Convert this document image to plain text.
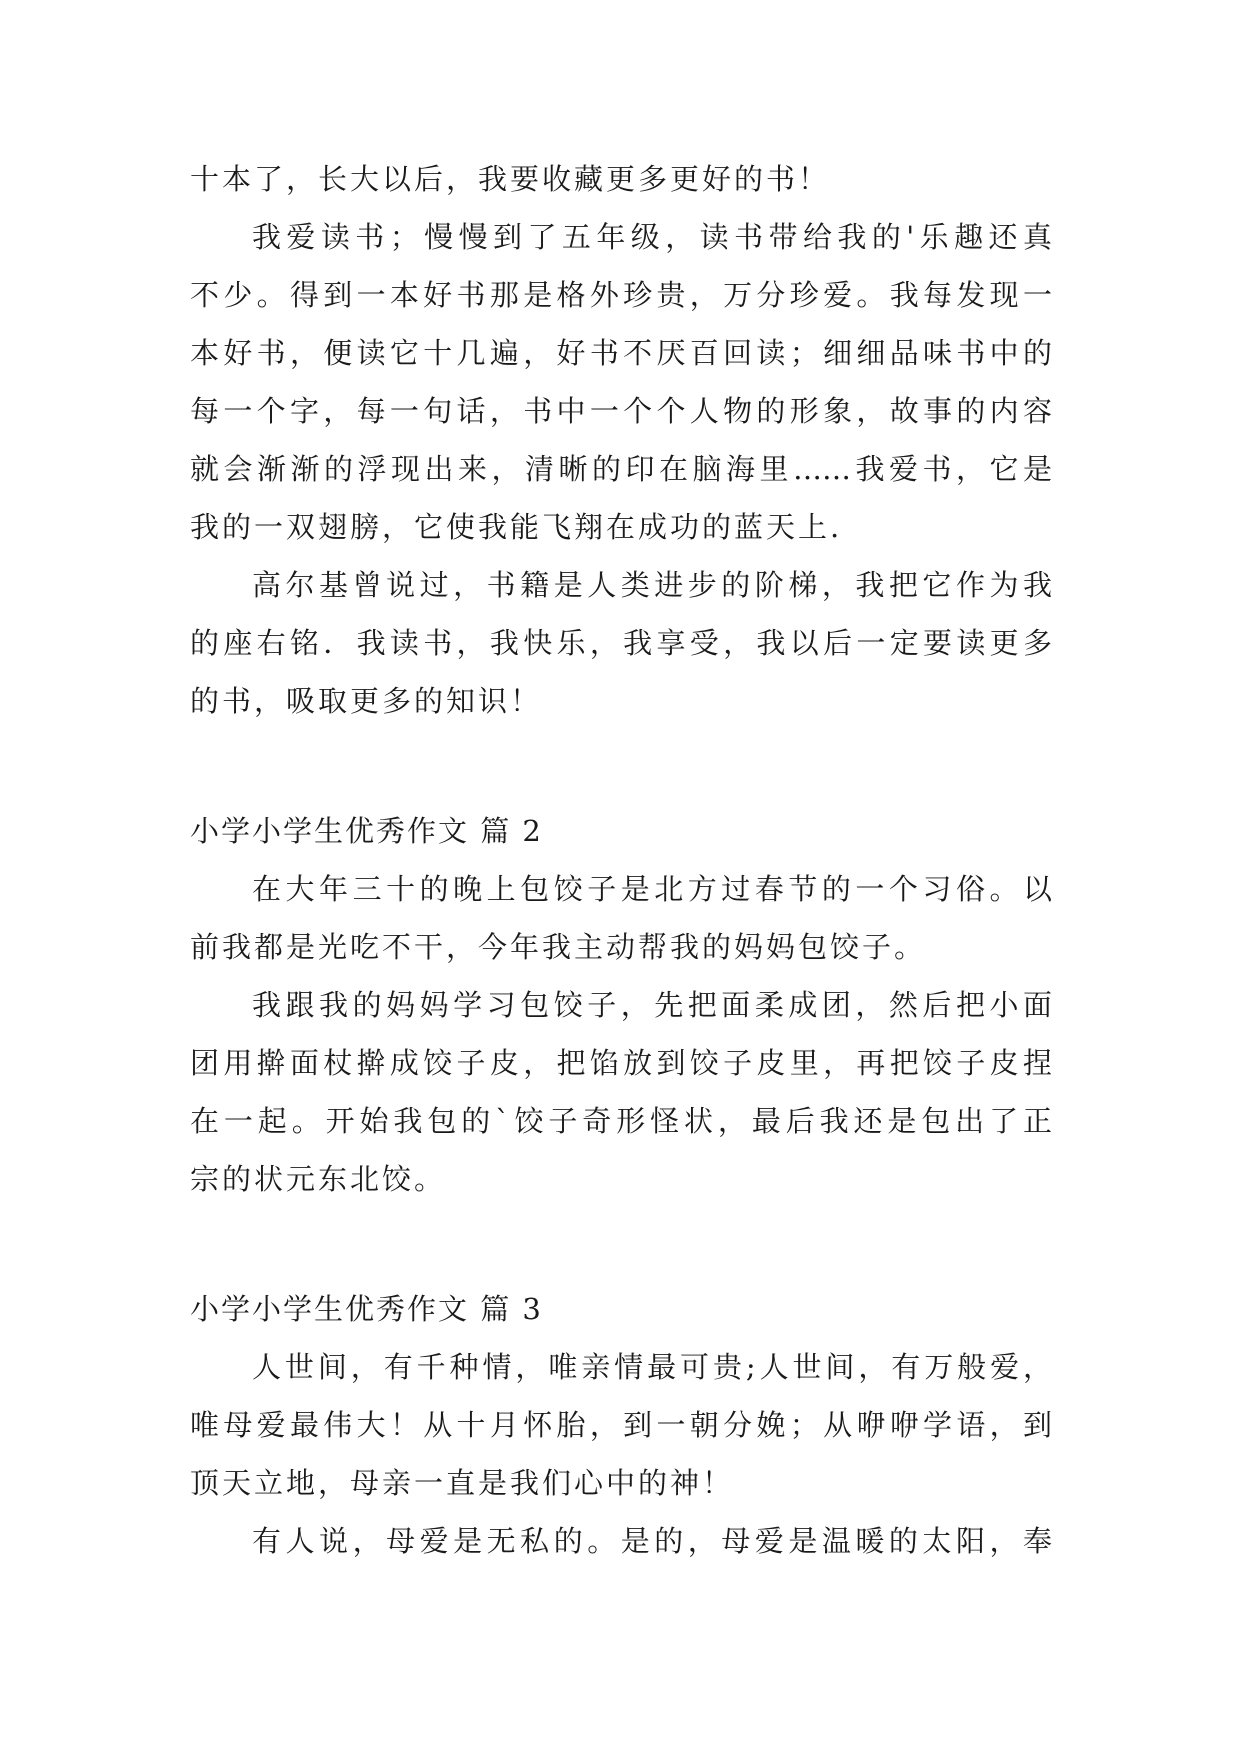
十本了，长大以后，我要收藏更多更好的书！
我爱读书；慢慢到了五年级，读书带给我的'乐趣还真
不少。得到一本好书那是格外珍贵，万分珍爱。我每发现一
本好书，便读它十几遍，好书不厌百回读；细细品味书中的
每一个字，每一句话，书中一个个人物的形象，故事的内容
就会渐渐的浮现出来，清晰的印在脑海里……我爱书，它是
我的一双翅膀，它使我能飞翔在成功的蓝天上.
高尔基曾说过，书籍是人类进步的阶梯，我把它作为我
的座右铭．我读书，我快乐，我享受，我以后一定要读更多
的书，吸取更多的知识！
小学小学生优秀作文 篇 2
在大年三十的晚上包饺子是北方过春节的一个习俗。以
前我都是光吃不干，今年我主动帮我的妈妈包饺子。
我跟我的妈妈学习包饺子，先把面柔成团，然后把小面
团用擀面杖擀成饺子皮，把馅放到饺子皮里，再把饺子皮捏
在一起。开始我包的`饺子奇形怪状，最后我还是包出了正
宗的状元东北饺。
小学小学生优秀作文 篇 3
人世间，有千种情，唯亲情最可贵;人世间，有万般爱，
唯母爱最伟大！从十月怀胎，到一朝分娩；从咿咿学语，到
顶天立地，母亲一直是我们心中的神！
有人说，母爱是无私的。是的，母爱是温暖的太阳，奉
